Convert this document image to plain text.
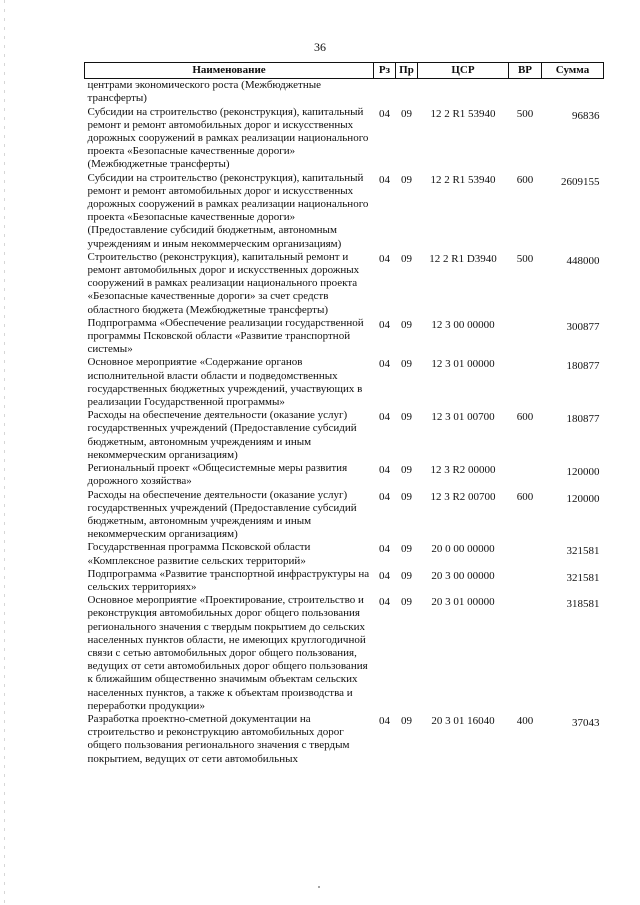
36
Наименование	Рз	Пр	ЦСР	ВР	Сумма
центрами экономического роста (Межбюджетные трансферты)					
Субсидии на строительство (реконструкция), капитальный ремонт и ремонт автомобильных дорог и искусственных дорожных сооружений в рамках реализации национального проекта «Безопасные качественные дороги» (Межбюджетные трансферты)	04	09	12 2 R1 53940	500	96836
Субсидии на строительство (реконструкция), капитальный ремонт и ремонт автомобильных дорог и искусственных дорожных сооружений в рамках реализации национального проекта «Безопасные качественные дороги» (Предоставление субсидий бюджетным, автономным учреждениям и иным некоммерческим организациям)	04	09	12 2 R1 53940	600	2609155
Строительство (реконструкция), капитальный ремонт и ремонт автомобильных дорог и искусственных дорожных сооружений в рамках реализации национального проекта «Безопасные качественные дороги» за счет средств областного бюджета (Межбюджетные трансферты)	04	09	12 2 R1 D3940	500	448000
Подпрограмма «Обеспечение реализации государственной программы Псковской области «Развитие транспортной системы»	04	09	12 3 00 00000		300877
Основное мероприятие «Содержание органов исполнительной власти области и подведомственных государственных бюджетных учреждений, участвующих в реализации Государственной программы»	04	09	12 3 01 00000		180877
Расходы на обеспечение деятельности (оказание услуг) государственных учреждений (Предоставление субсидий бюджетным, автономным учреждениям и иным некоммерческим организациям)	04	09	12 3 01 00700	600	180877
Региональный проект «Общесистемные меры развития дорожного хозяйства»	04	09	12 3 R2 00000		120000
Расходы на обеспечение деятельности (оказание услуг) государственных учреждений (Предоставление субсидий бюджетным, автономным учреждениям и иным некоммерческим организациям)	04	09	12 3 R2 00700	600	120000
Государственная программа Псковской области «Комплексное развитие сельских территорий»	04	09	20 0 00 00000		321581
Подпрограмма «Развитие транспортной инфраструктуры на сельских территориях»	04	09	20 3 00 00000		321581
Основное мероприятие «Проектирование, строительство и реконструкция автомобильных дорог общего пользования регионального значения с твердым покрытием до сельских населенных пунктов области, не имеющих круглогодичной связи с сетью автомобильных дорог общего пользования, ведущих от сети автомобильных дорог общего пользования к ближайшим общественно значимым объектам сельских населенных пунктов, а также к объектам производства и переработки продукции»	04	09	20 3 01 00000		318581
Разработка проектно-сметной документации на строительство и реконструкцию автомобильных дорог общего пользования регионального значения с твердым покрытием, ведущих от сети автомобильных	04	09	20 3 01 16040	400	37043
